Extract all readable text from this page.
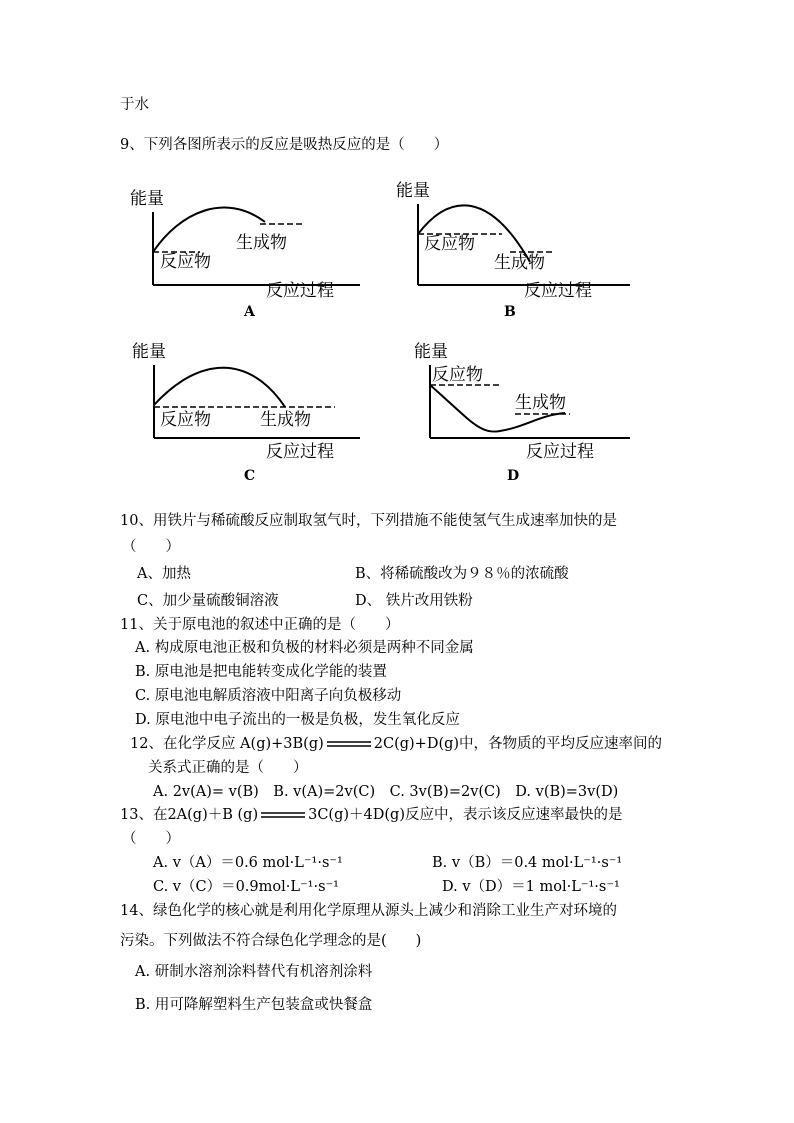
于水
9、下列各图所表示的反应是吸热反应的是（　　）
能量
生成物
反应物
反应过程
A
能量
反应物
生成物
反应过程
B
能量
反应物	生成物
反应过程
C
能量
反应物
生成物
反应过程
D
10、用铁片与稀硫酸反应制取氢气时，下列措施不能使氢气生成速率加快的是
（　　）
A、加热	B、将稀硫酸改为９８％的浓硫酸
C、加少量硫酸铜溶液	D、 铁片改用铁粉
11、关于原电池的叙述中正确的是（　　）
A. 构成原电池正极和负极的材料必须是两种不同金属
B. 原电池是把电能转变成化学能的装置
C. 原电池电解质溶液中阳离子向负极移动
D. 原电池中电子流出的一极是负极，发生氧化反应
12、在化学反应 A(g)+3B(g)	2C(g)+D(g)中，各物质的平均反应速率间的
关系式正确的是（　　）
A. 2v(A)= v(B)　B. v(A)=2v(C)　C. 3v(B)=2v(C)　D. v(B)=3v(D)
13、在2A(g)＋B (g)	3C(g)＋4D(g)反应中，表示该反应速率最快的是
（　　）
A. v（A）＝0.6 mol·L⁻¹·s⁻¹	B. v（B）＝0.4 mol·L⁻¹·s⁻¹
C. v（C）＝0.9mol·L⁻¹·s⁻¹	D. v（D）＝1 mol·L⁻¹·s⁻¹
14、绿色化学的核心就是利用化学原理从源头上减少和消除工业生产对环境的
污染。下列做法不符合绿色化学理念的是(　　)
A. 研制水溶剂涂料替代有机溶剂涂料
B. 用可降解塑料生产包装盒或快餐盒
